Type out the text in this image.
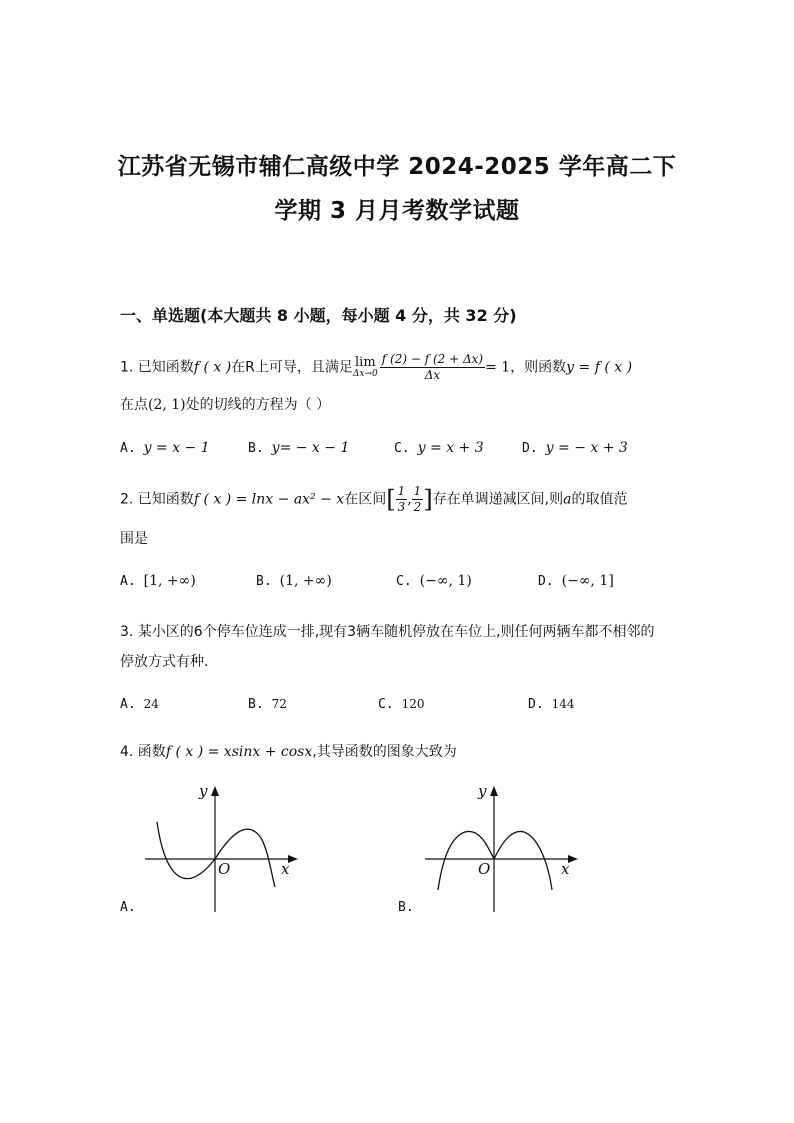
江苏省无锡市辅仁高级中学 2024-2025 学年高二下
学期 3 月月考数学试题
一、单选题(本大题共 8 小题，每小题 4 分，共 32 分)
1. 已知函数f ( x )在R上可导，且满足 lim
$\Delta x\to 0 \frac{f (2) - f (2 + \Delta x)}{\Delta x} = 1$，则函数y = f ( x )
在点(2, 1)处的切线的方程为（ ）
A. y = x − 1	B. y= − x − 1	C. y = x + 3	D. y = − x + 3
2. 已知函数f ( x ) = lnx − ax² − x在区间[ $\frac{1}{3}$ , $\frac{1}{2}$ ]存在单调递减区间,则a的取值范
围是
A. [1, +∞)	B. (1, +∞)	C. (−∞, 1)	D. (−∞, 1]
3. 某小区的6个停车位连成一排,现有3辆车随机停放在车位上,则任何两辆车都不相邻的
停放方式有种.
A. 24	B. 72	C. 120	D. 144
4. 函数f ( x ) = xsinx + cosx,其导函数的图象大致为
y
x
O
A.
y
x
O
B.
